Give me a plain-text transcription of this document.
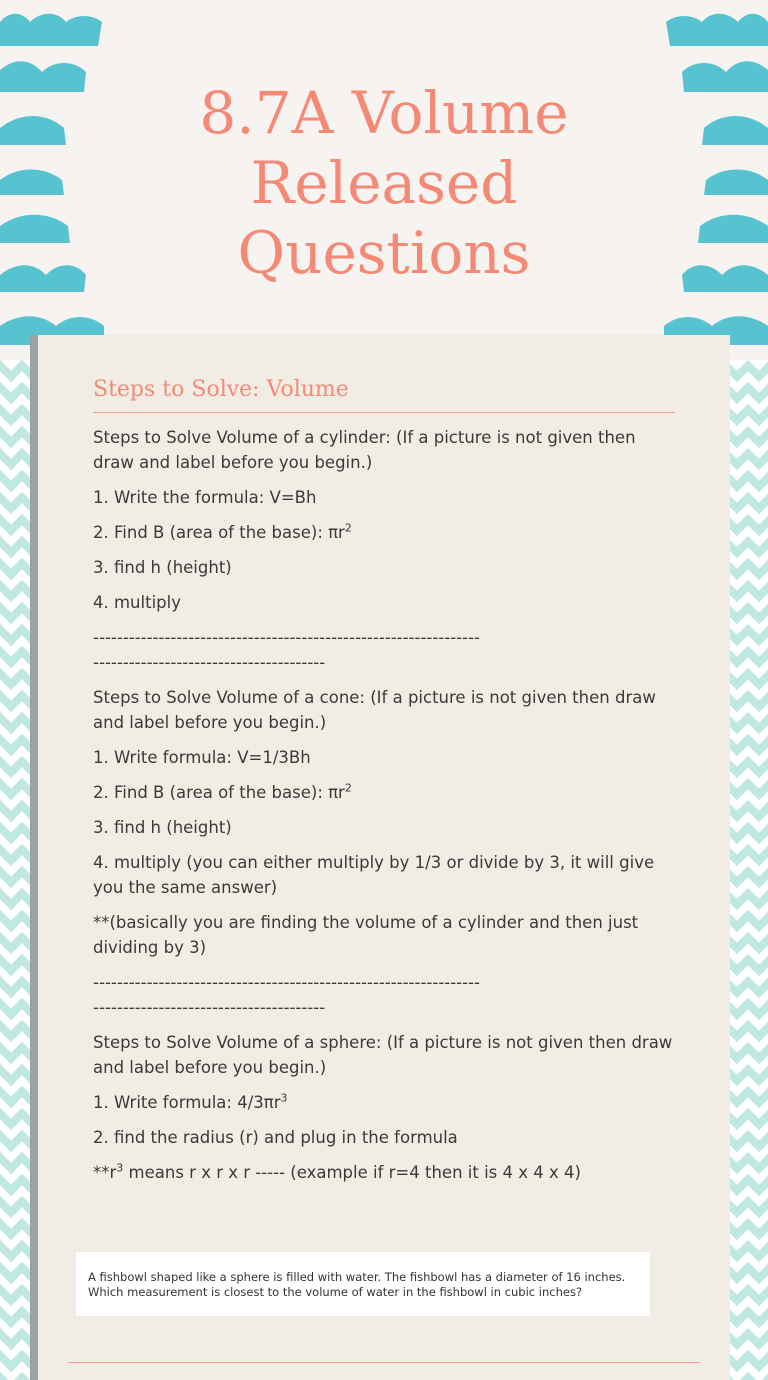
8.7A Volume
Released
Questions
Steps to Solve: Volume

Steps to Solve Volume of a cylinder: (If a picture is not given then draw and label before you begin.)

1. Write the formula: V=Bh

2. Find B (area of the base): $\pi r^2$

3. find h (height)

4. multiply

-----------------------------------------------------------------
---------------------------------------

Steps to Solve Volume of a cone: (If a picture is not given then draw and label before you begin.)

1. Write formula: V=1/3Bh

2. Find B (area of the base): $\pi r^2$

3. find h (height)

4. multiply (you can either multiply by 1/3 or divide by 3, it will give you the same answer)

**(basically you are finding the volume of a cylinder and then just dividing by 3)

-----------------------------------------------------------------
---------------------------------------

Steps to Solve Volume of a sphere: (If a picture is not given then draw and label before you begin.)

1. Write formula: $4/3\pi r^3$

2. find the radius (r) and plug in the formula

$**r^3$ means r x r x r ----- (example if r=4 then it is 4 x 4 x 4)

A fishbowl shaped like a sphere is filled with water. The fishbowl has a diameter of 16 inches. Which measurement is closest to the volume of water in the fishbowl in cubic inches?
